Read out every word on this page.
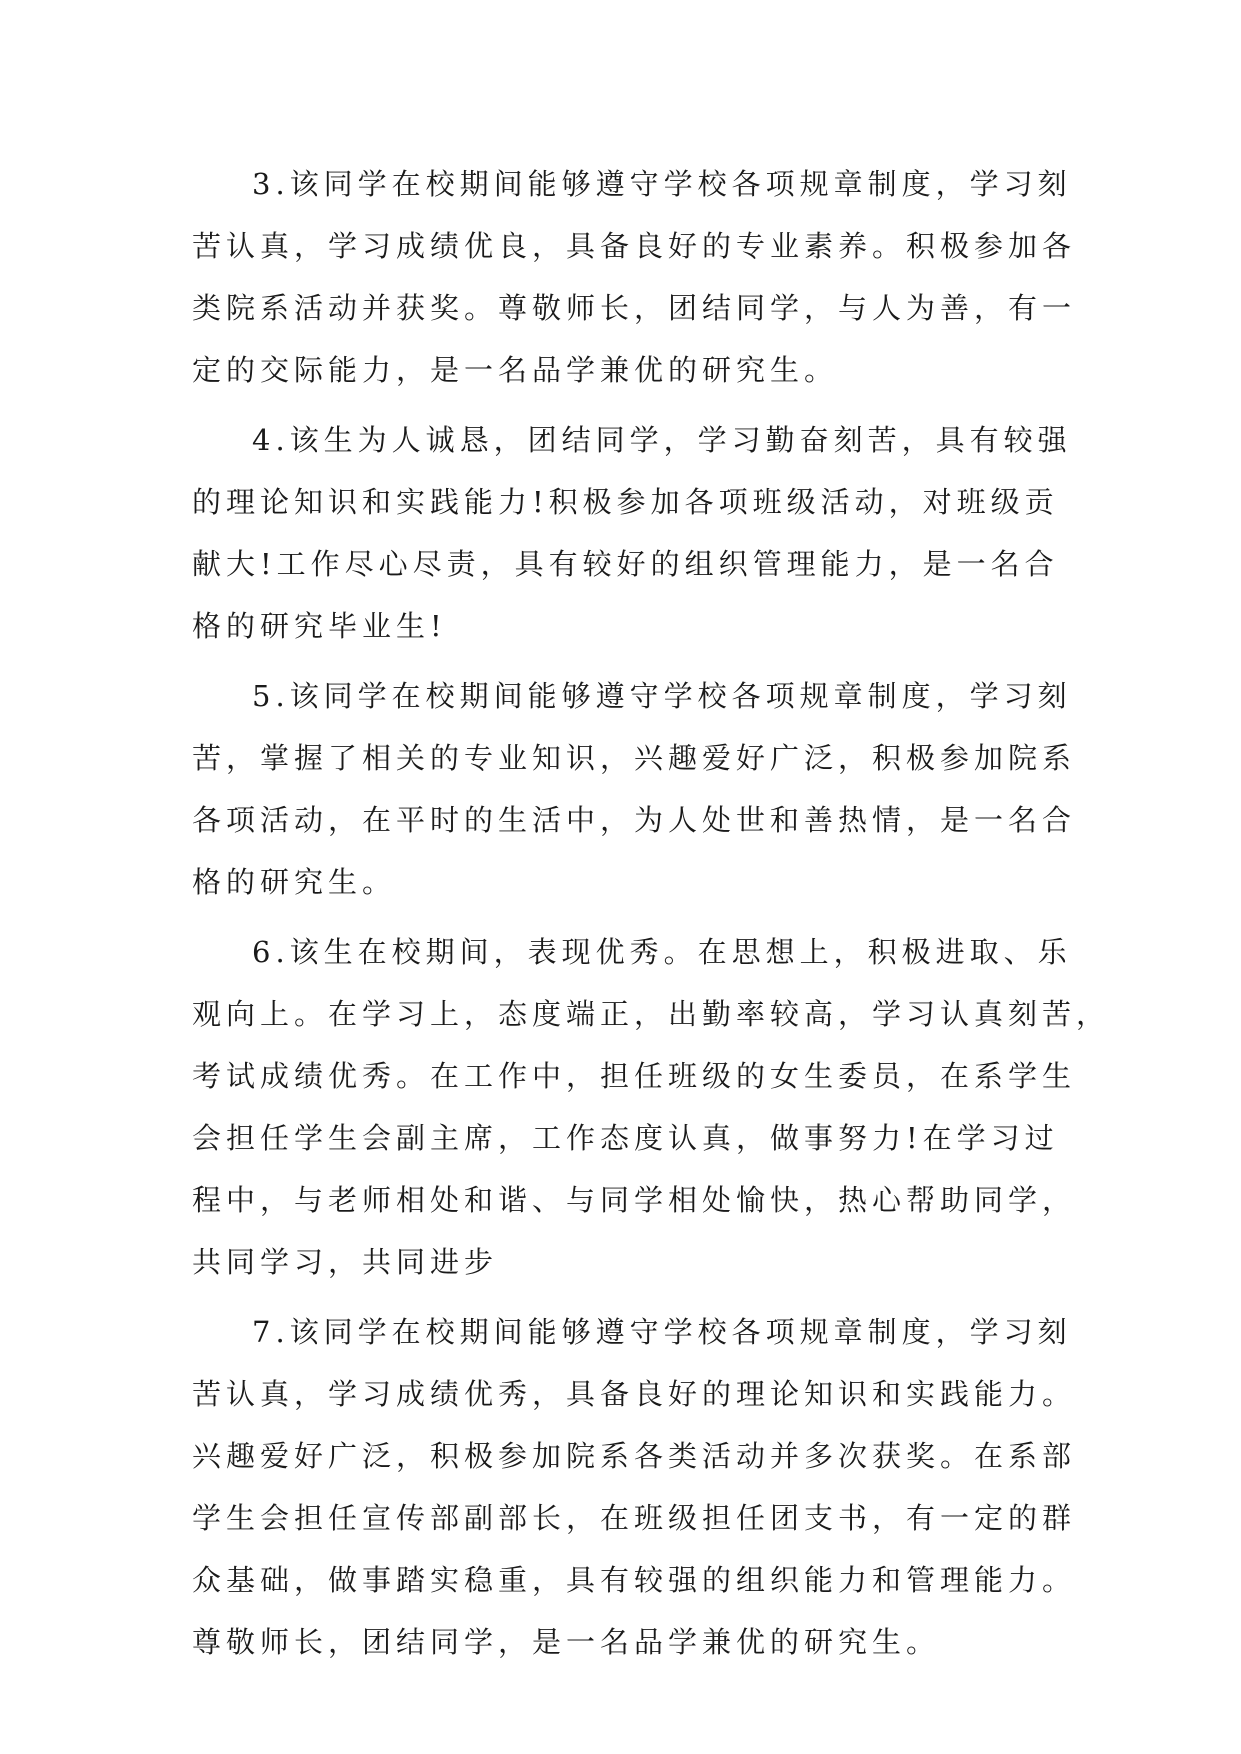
3.该同学在校期间能够遵守学校各项规章制度，学习刻
苦认真，学习成绩优良，具备良好的专业素养。积极参加各
类院系活动并获奖。尊敬师长，团结同学，与人为善，有一
定的交际能力，是一名品学兼优的研究生。

4.该生为人诚恳，团结同学，学习勤奋刻苦，具有较强
的理论知识和实践能力!积极参加各项班级活动，对班级贡
献大!工作尽心尽责，具有较好的组织管理能力，是一名合
格的研究毕业生!

5.该同学在校期间能够遵守学校各项规章制度，学习刻
苦，掌握了相关的专业知识，兴趣爱好广泛，积极参加院系
各项活动，在平时的生活中，为人处世和善热情，是一名合
格的研究生。

6.该生在校期间，表现优秀。在思想上，积极进取、乐
观向上。在学习上，态度端正，出勤率较高，学习认真刻苦，
考试成绩优秀。在工作中，担任班级的女生委员，在系学生
会担任学生会副主席，工作态度认真，做事努力!在学习过
程中，与老师相处和谐、与同学相处愉快，热心帮助同学，
共同学习，共同进步

7.该同学在校期间能够遵守学校各项规章制度，学习刻
苦认真，学习成绩优秀，具备良好的理论知识和实践能力。
兴趣爱好广泛，积极参加院系各类活动并多次获奖。在系部
学生会担任宣传部副部长，在班级担任团支书，有一定的群
众基础，做事踏实稳重，具有较强的组织能力和管理能力。
尊敬师长，团结同学，是一名品学兼优的研究生。
